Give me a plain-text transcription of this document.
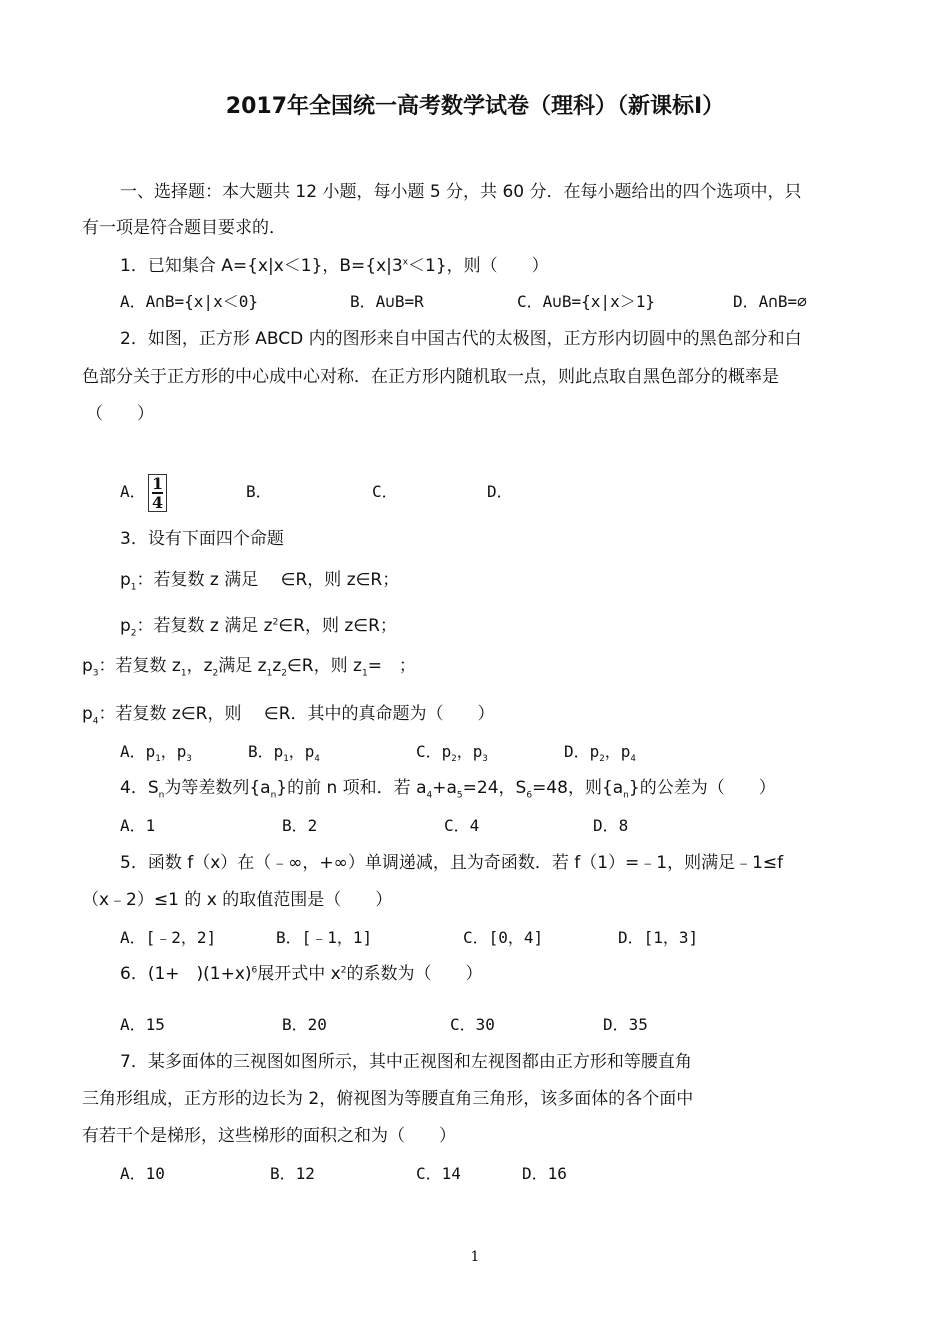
2017年全国统一高考数学试卷（理科）（新课标Ⅰ）
一、选择题：本大题共 12 小题，每小题 5 分，共 60 分．在每小题给出的四个选项中，只
有一项是符合题目要求的．
1．已知集合 A={x|x＜1}，$B=\{x|3^x<1\}$，则（　　）
A．A∩B={x|x＜0}	B．A∪B=R	C．A∪B={x|x＞1}	D．A∩B=∅
2．如图，正方形 ABCD 内的图形来自中国古代的太极图，正方形内切圆中的黑色部分和白
色部分关于正方形的中心成中心对称．在正方形内随机取一点，则此点取自黑色部分的概率是
（　　）
A． $\frac{1}{4}$	B．	C．	D．
3．设有下面四个命题
$p_1$：若复数 z 满足 　∈R，则 z∈R；
$p_2$：若复数 z 满足 $z^2\in R$，则 z∈R；
$p_3$：若复数 $z_1$，$z_2$满足 $z_1z_2\in R$，则 $z_1=$　；
$p_4$：若复数 z∈R，则 　∈R．其中的真命题为（　　）
A．$p_1$，$p_3$	B．$p_1$，$p_4$	C．$p_2$，$p_3$	D．$p_2$，$p_4$
4．$S_n$为等差数列$\{a_n\}$的前 n 项和．若 $a_4+a_5=24$，$S_6=48$，则$\{a_n\}$的公差为（　　）
A．1	B．2	C．4	D．8
5．函数 f（x）在（﹣∞，+∞）单调递减，且为奇函数．若 f（1）=﹣1，则满足﹣1≤f
（x﹣2）≤1 的 x 的取值范围是（　　）
A．[﹣2，2]	B．[﹣1，1]	C．[0，4]	D．[1，3]
6．(1+　)$(1+x)^6$展开式中 $x^2$的系数为（　　）
A．15	B．20	C．30	D．35
7．某多面体的三视图如图所示，其中正视图和左视图都由正方形和等腰直角
三角形组成，正方形的边长为 2，俯视图为等腰直角三角形，该多面体的各个面中
有若干个是梯形，这些梯形的面积之和为（　　）
A．10	B．12	C．14	D．16
1
